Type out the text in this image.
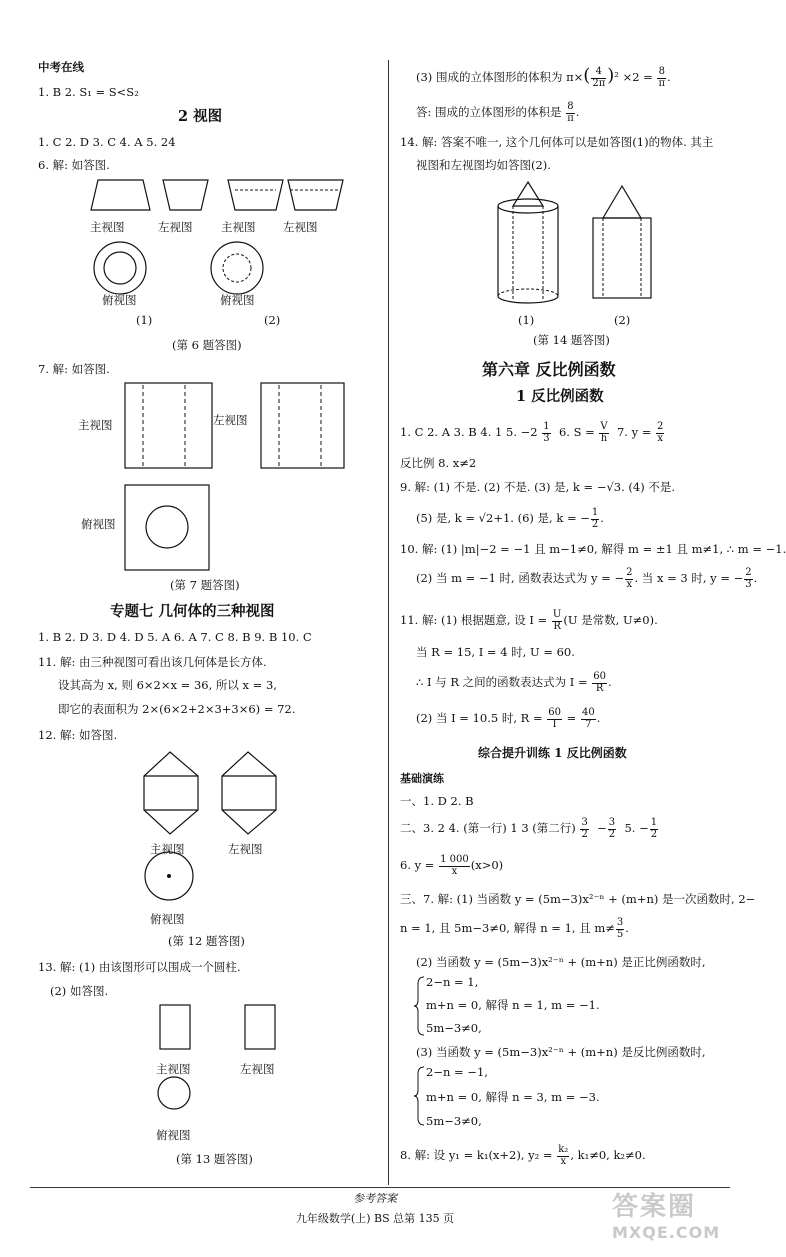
中考在线
1. B 2. S₁ = S<S₂
2 视图
1. C 2. D 3. C 4. A 5. 24
6. 解: 如答图.
主视图	左视图 主视图 左视图
俯视图	俯视图
(1)	(2)
(第 6 题答图)
7. 解: 如答图.
主视图	左视图
俯视图
(第 7 题答图)
专题七 几何体的三种视图
1. B 2. D 3. D 4. D 5. A 6. A 7. C 8. B 9. B 10. C
11. 解: 由三种视图可看出该几何体是长方体.
设其高为 x, 则 6×2×x = 36, 所以 x = 3,
即它的表面积为 2×(6×2+2×3+3×6) = 72.
12. 解: 如答图.
主视图	左视图
俯视图
(第 12 题答图)
13. 解: (1) 由该图形可以围成一个圆柱.
(2) 如答图.
主视图	左视图
俯视图
(第 13 题答图)
(3) 围成的立体图形的体积为 $\pi\times( \frac{4}{2\pi} )^2 \times 2 = \frac{8}{\pi}$ .
答: 围成的立体图形的体积是 $\frac{8}{\pi}$ .
14. 解: 答案不唯一, 这个几何体可以是如答图(1)的物体. 其主
视图和左视图均如答图(2).
(1)	(2)
(第 14 题答图)
第六章 反比例函数
1 反比例函数
1. C 2. A 3. B 4. 1 5. $-2 \frac{1}{3} 6$. $S = \frac{V}{h} 7$. $y = \frac{2}{x}$
反比例 8. x≠2
9. 解: (1) 不是. (2) 不是. (3) 是, k = −√3. (4) 不是.
(5) 是, k = √2+1. (6) 是, k = − $\frac{1}{2}$ .
10. 解: (1) |m|−2 = −1 且 m−1≠0, 解得 m = ±1 且 m≠1, ∴ m = −1.
(2) 当 m = −1 时, 函数表达式为 y = − $\frac{2}{x}$ . 当 x = 3 时, y = − $\frac{2}{3}$ .
11. 解: (1) 根据题意, 设 $I = \frac{U}{R} (U$ 是常数, U≠0).
当 R = 15, I = 4 时, U = 60.
∴ I 与 R 之间的函数表达式为 $I = \frac{60}{R}$ .
(2) 当 I = 10.5 时, $R = \frac{60}{I} = \frac{40}{7}$ .
综合提升训练 1 反比例函数
基础演练
一、1. D 2. B
二、3. 2 4. (第一行) 1 3 (第二行) $\frac{3}{2} - \frac{3}{2} 5$. − $\frac{1}{2}$
6. $y = \frac{1 000}{x} (x>0)$
三、7. 解: (1) 当函数 y = (5m−3)x²⁻ⁿ + (m+n) 是一次函数时, 2−
n = 1, 且 5m−3≠0, 解得 n = 1, 且 $m\ne \frac{3}{5}$ .
(2) 当函数 y = (5m−3)x²⁻ⁿ + (m+n) 是正比例函数时,
2−n = 1,
m+n = 0, 解得 n = 1, m = −1.
5m−3≠0,
(3) 当函数 y = (5m−3)x²⁻ⁿ + (m+n) 是反比例函数时,
2−n = −1,
m+n = 0, 解得 n = 3, m = −3.
5m−3≠0,
8. 解: 设 y₁ = k₁(x+2), $y_2 = \frac{\text{k₂}}{x}$ , k₁≠0, k₂≠0.
参考答案
九年级数学(上) BS 总第 135 页	答案圈
MXQE.COM
